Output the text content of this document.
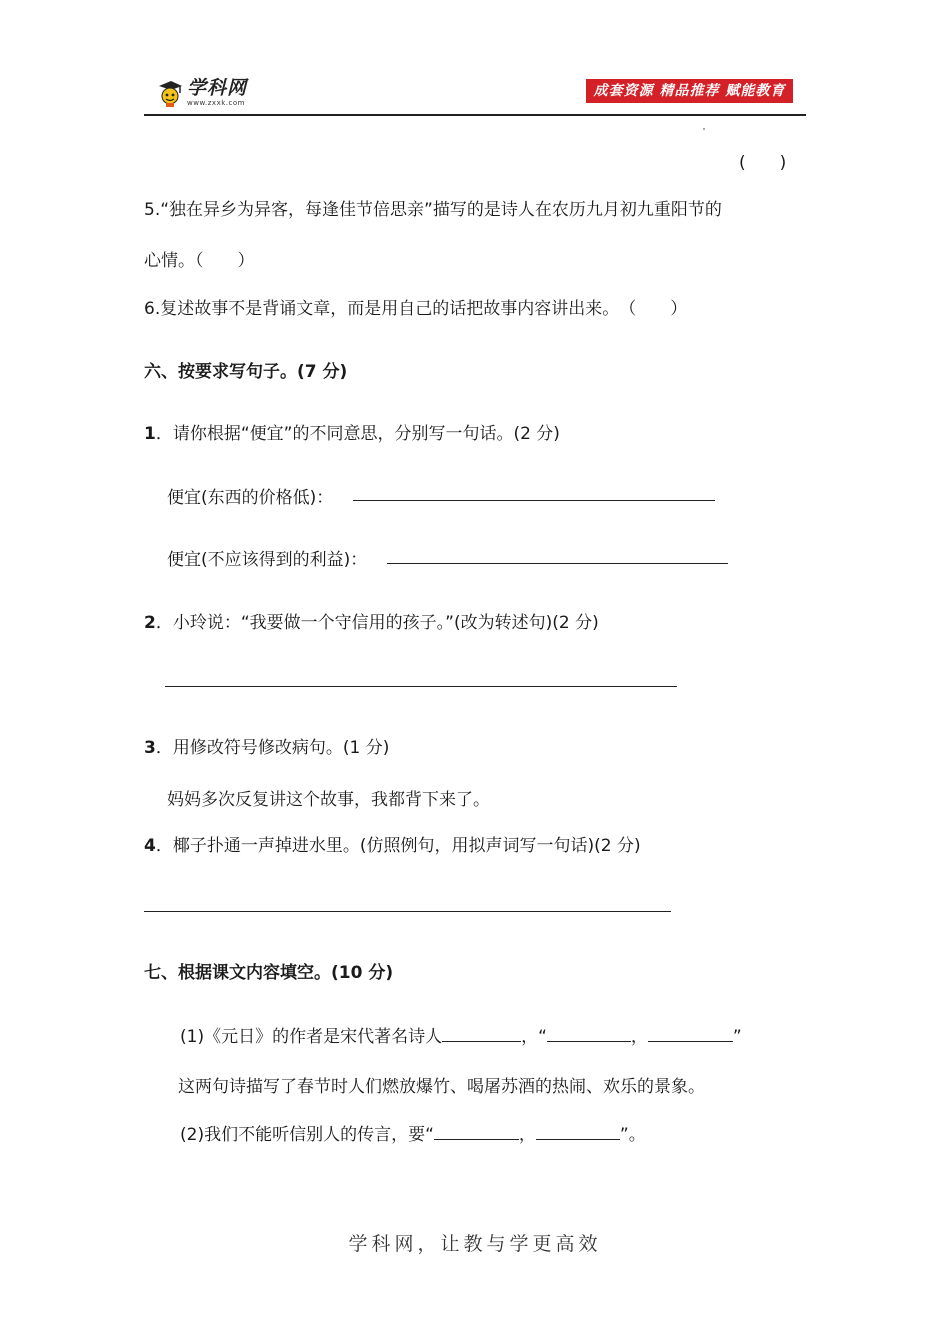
学科网
www.zxxk.com
成套资源 精品推荐 赋能教育
(　　)
5.“独在异乡为异客，每逢佳节倍思亲”描写的是诗人在农历九月初九重阳节的
心情。（　　）
6.复述故事不是背诵文章，而是用自己的话把故事内容讲出来。　（　　）
六、按要求写句子。(7 分)
1．请你根据“便宜”的不同意思，分别写一句话。(2 分)
便宜(东西的价格低)：
便宜(不应该得到的利益)：
2．小玲说：“我要做一个守信用的孩子。”(改为转述句)(2 分)
3．用修改符号修改病句。(1 分)
妈妈多次反复讲这个故事，我都背下来了。
4．椰子扑通一声掉进水里。(仿照例句，用拟声词写一句话)(2 分)
七、根据课文内容填空。(10 分)
(1)《元日》的作者是宋代著名诗人	，“	，	”
这两句诗描写了春节时人们燃放爆竹、喝屠苏酒的热闹、欢乐的景象。
(2)我们不能听信别人的传言，要“	，	”。
学科网，让教与学更高效
